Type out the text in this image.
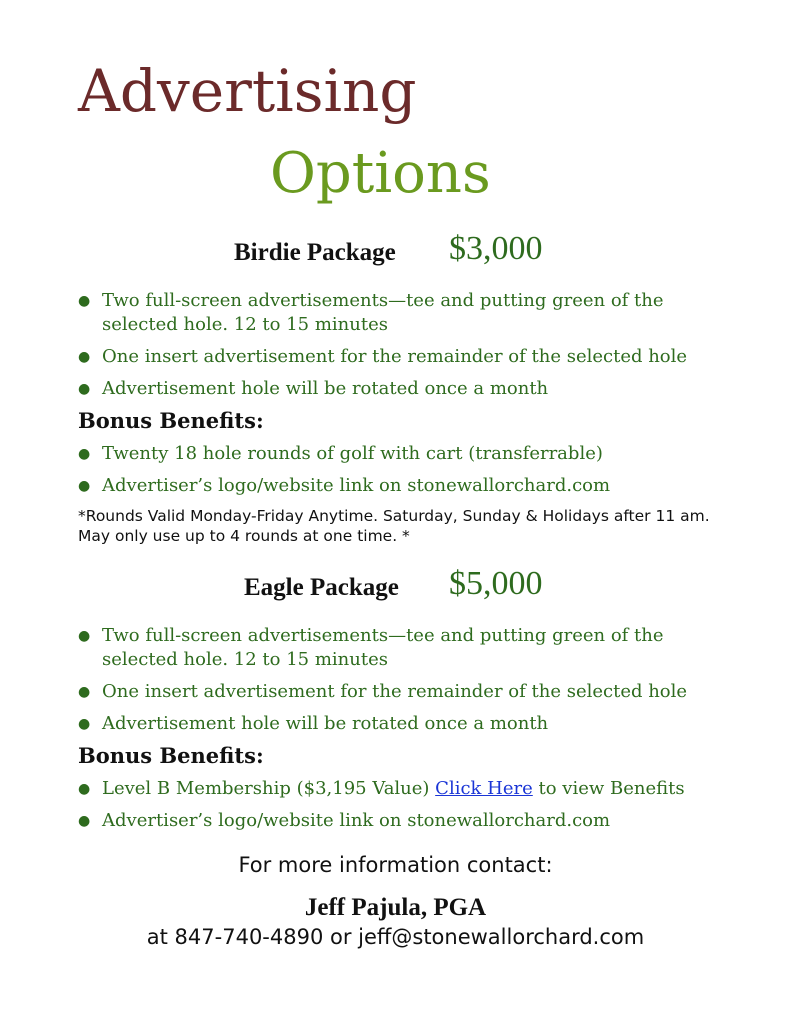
Advertising
Options
Birdie Package $3,000
● Two full-screen advertisements—tee and putting green of the
selected hole. 12 to 15 minutes
● One insert advertisement for the remainder of the selected hole
● Advertisement hole will be rotated once a month
Bonus Benefits:
● Twenty 18 hole rounds of golf with cart (transferrable)
● Advertiser’s logo/website link on stonewallorchard.com
*Rounds Valid Monday-Friday Anytime. Saturday, Sunday & Holidays after 11 am. May only use up to 4 rounds at one time. *
Eagle Package $5,000
● Two full-screen advertisements—tee and putting green of the
selected hole. 12 to 15 minutes
● One insert advertisement for the remainder of the selected hole
● Advertisement hole will be rotated once a month
Bonus Benefits:
● Level B Membership ($3,195 Value) Click Here to view Benefits
● Advertiser’s logo/website link on stonewallorchard.com
For more information contact:
Jeff Pajula, PGA
at 847-740-4890 or jeff@stonewallorchard.com
